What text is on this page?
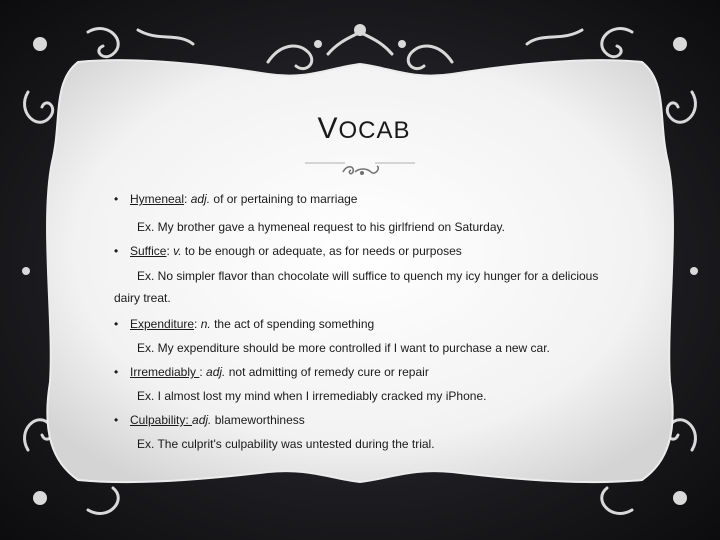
VOCAB
• Hymeneal: adj. of or pertaining to marriage
Ex. My brother gave a hymeneal request to his girlfriend on Saturday.
• Suffice: v. to be enough or adequate, as for needs or purposes
Ex. No simpler flavor than chocolate will suffice to quench my icy hunger for a delicious dairy treat.
• Expenditure: n. the act of spending something
Ex. My expenditure should be more controlled if I want to purchase a new car.
• Irremediably : adj. not admitting of remedy cure or repair
Ex. I almost lost my mind when I irremediably cracked my iPhone.
• Culpability: adj. blameworthiness
Ex. The culprit's culpability was untested during the trial.
